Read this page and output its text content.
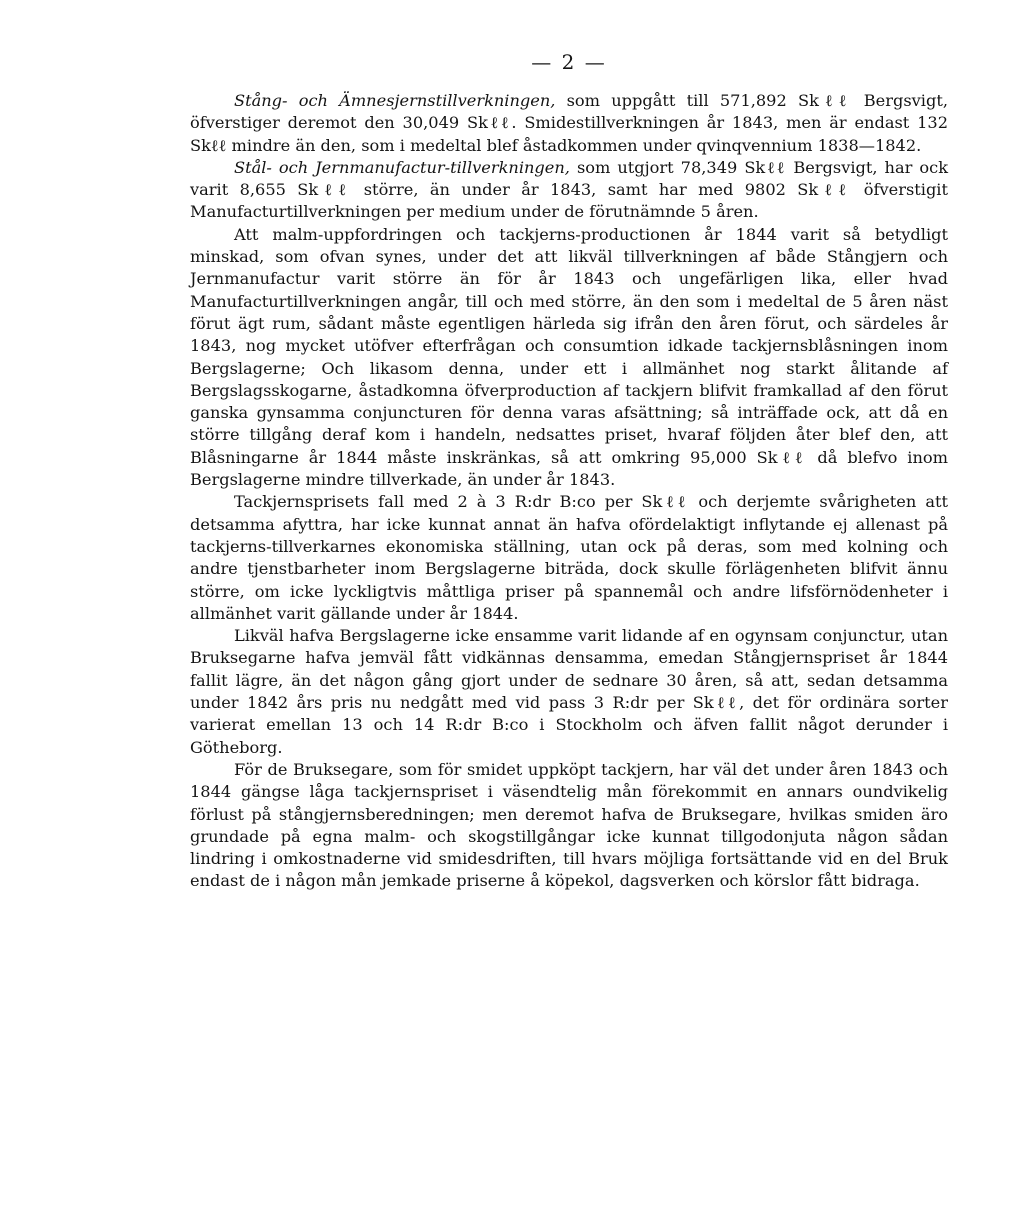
— 2 —

Stång- och Ämnesjernstillverkningen, som uppgått till 571,892 Skℓℓ Bergsvigt, öfverstiger deremot den 30,049 Skℓℓ. Smidestillverkningen år 1843, men är endast 132 Skℓℓ mindre än den, som i medeltal blef åstadkommen under qvinqvennium 1838—1842.

Stål- och Jernmanufactur-tillverkningen, som utgjort 78,349 Skℓℓ Bergsvigt, har ock varit 8,655 Skℓℓ större, än under år 1843, samt har med 9802 Skℓℓ öfverstigit Manufacturtillverkningen per medium under de förutnämnde 5 åren.

Att malm-uppfordringen och tackjerns-productionen år 1844 varit så betydligt minskad, som ofvan synes, under det att likväl tillverkningen af både Stångjern och Jernmanufactur varit större än för år 1843 och ungefärligen lika, eller hvad Manufacturtillverkningen angår, till och med större, än den som i medeltal de 5 åren näst förut ägt rum, sådant måste egentligen härleda sig ifrån den åren förut, och särdeles år 1843, nog mycket utöfver efterfrågan och consumtion idkade tackjernsblåsningen inom Bergslagerne; Och likasom denna, under ett i allmänhet nog starkt ålitande af Bergslagsskogarne, åstadkomna öfverproduction af tackjern blifvit framkallad af den förut ganska gynsamma conjuncturen för denna varas afsättning; så inträffade ock, att då en större tillgång deraf kom i handeln, nedsattes priset, hvaraf följden åter blef den, att Blåsningarne år 1844 måste inskränkas, så att omkring 95,000 Skℓℓ då blefvo inom Bergslagerne mindre tillverkade, än under år 1843.

Tackjernsprisets fall med 2 à 3 R:dr B:co per Skℓℓ och derjemte svårigheten att detsamma afyttra, har icke kunnat annat än hafva ofördelaktigt inflytande ej allenast på tackjerns-tillverkarnes ekonomiska ställning, utan ock på deras, som med kolning och andre tjenstbarheter inom Bergslagerne biträda, dock skulle förlägenheten blifvit ännu större, om icke lyckligtvis måttliga priser på spannemål och andre lifsförnödenheter i allmänhet varit gällande under år 1844.

Likväl hafva Bergslagerne icke ensamme varit lidande af en ogynsam conjunctur, utan Bruksegarne hafva jemväl fått vidkännas densamma, emedan Stångjernspriset år 1844 fallit lägre, än det någon gång gjort under de sednare 30 åren, så att, sedan detsamma under 1842 års pris nu nedgått med vid pass 3 R:dr per Skℓℓ, det för ordinära sorter varierat emellan 13 och 14 R:dr B:co i Stockholm och äfven fallit något derunder i Götheborg.

För de Bruksegare, som för smidet uppköpt tackjern, har väl det under åren 1843 och 1844 gängse låga tackjernspriset i väsendtelig mån förekommit en annars oundvikelig förlust på stångjernsberedningen; men deremot hafva de Bruksegare, hvilkas smiden äro grundade på egna malm- och skogstillgångar icke kunnat tillgodonjuta någon sådan lindring i omkostnaderne vid smidesdriften, till hvars möjliga fortsättande vid en del Bruk endast de i någon mån jemkade priserne å köpekol, dagsverken och körslor fått bidraga.
